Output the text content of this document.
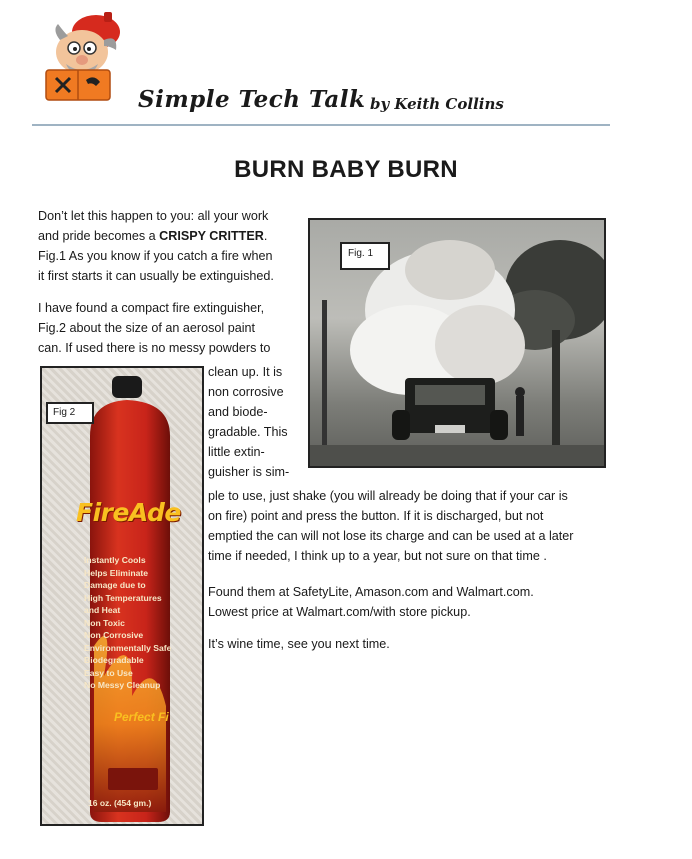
Simple Tech Talk by Keith Collins
BURN BABY BURN

Don’t let this happen to you: all your work
and pride becomes a CRISPY CRITTER.
Fig.1 As you know if you catch a fire when
it first starts it can usually be extinguished.

I have found a compact fire extinguisher,
Fig.2 about the size of an aerosol paint
can. If used there is no messy powders to

clean up. It is
non corrosive
and biode-
gradable. This
little extin-
guisher is sim-

ple to use, just shake (you will already be doing that if your car is
on fire) point and press the button. If it is discharged, but not
emptied the can will not lose its charge and can be used at a later
time if needed, I think up to a year, but not sure on that time .

Found them at SafetyLite, Amason.com and Walmart.com.
Lowest price at Walmart.com/with store pickup.

It’s wine time, see you next time.

Fig. 1
Fig 2
FireAde
Instantly Cools
Helps Eliminate Damage due to
High Temperatures and Heat
Non Toxic
Non Corrosive
Environmentally Safe
Biodegradable
Easy to Use
No Messy Cleanup
Perfect Fi
16 oz. (454 gm.)
